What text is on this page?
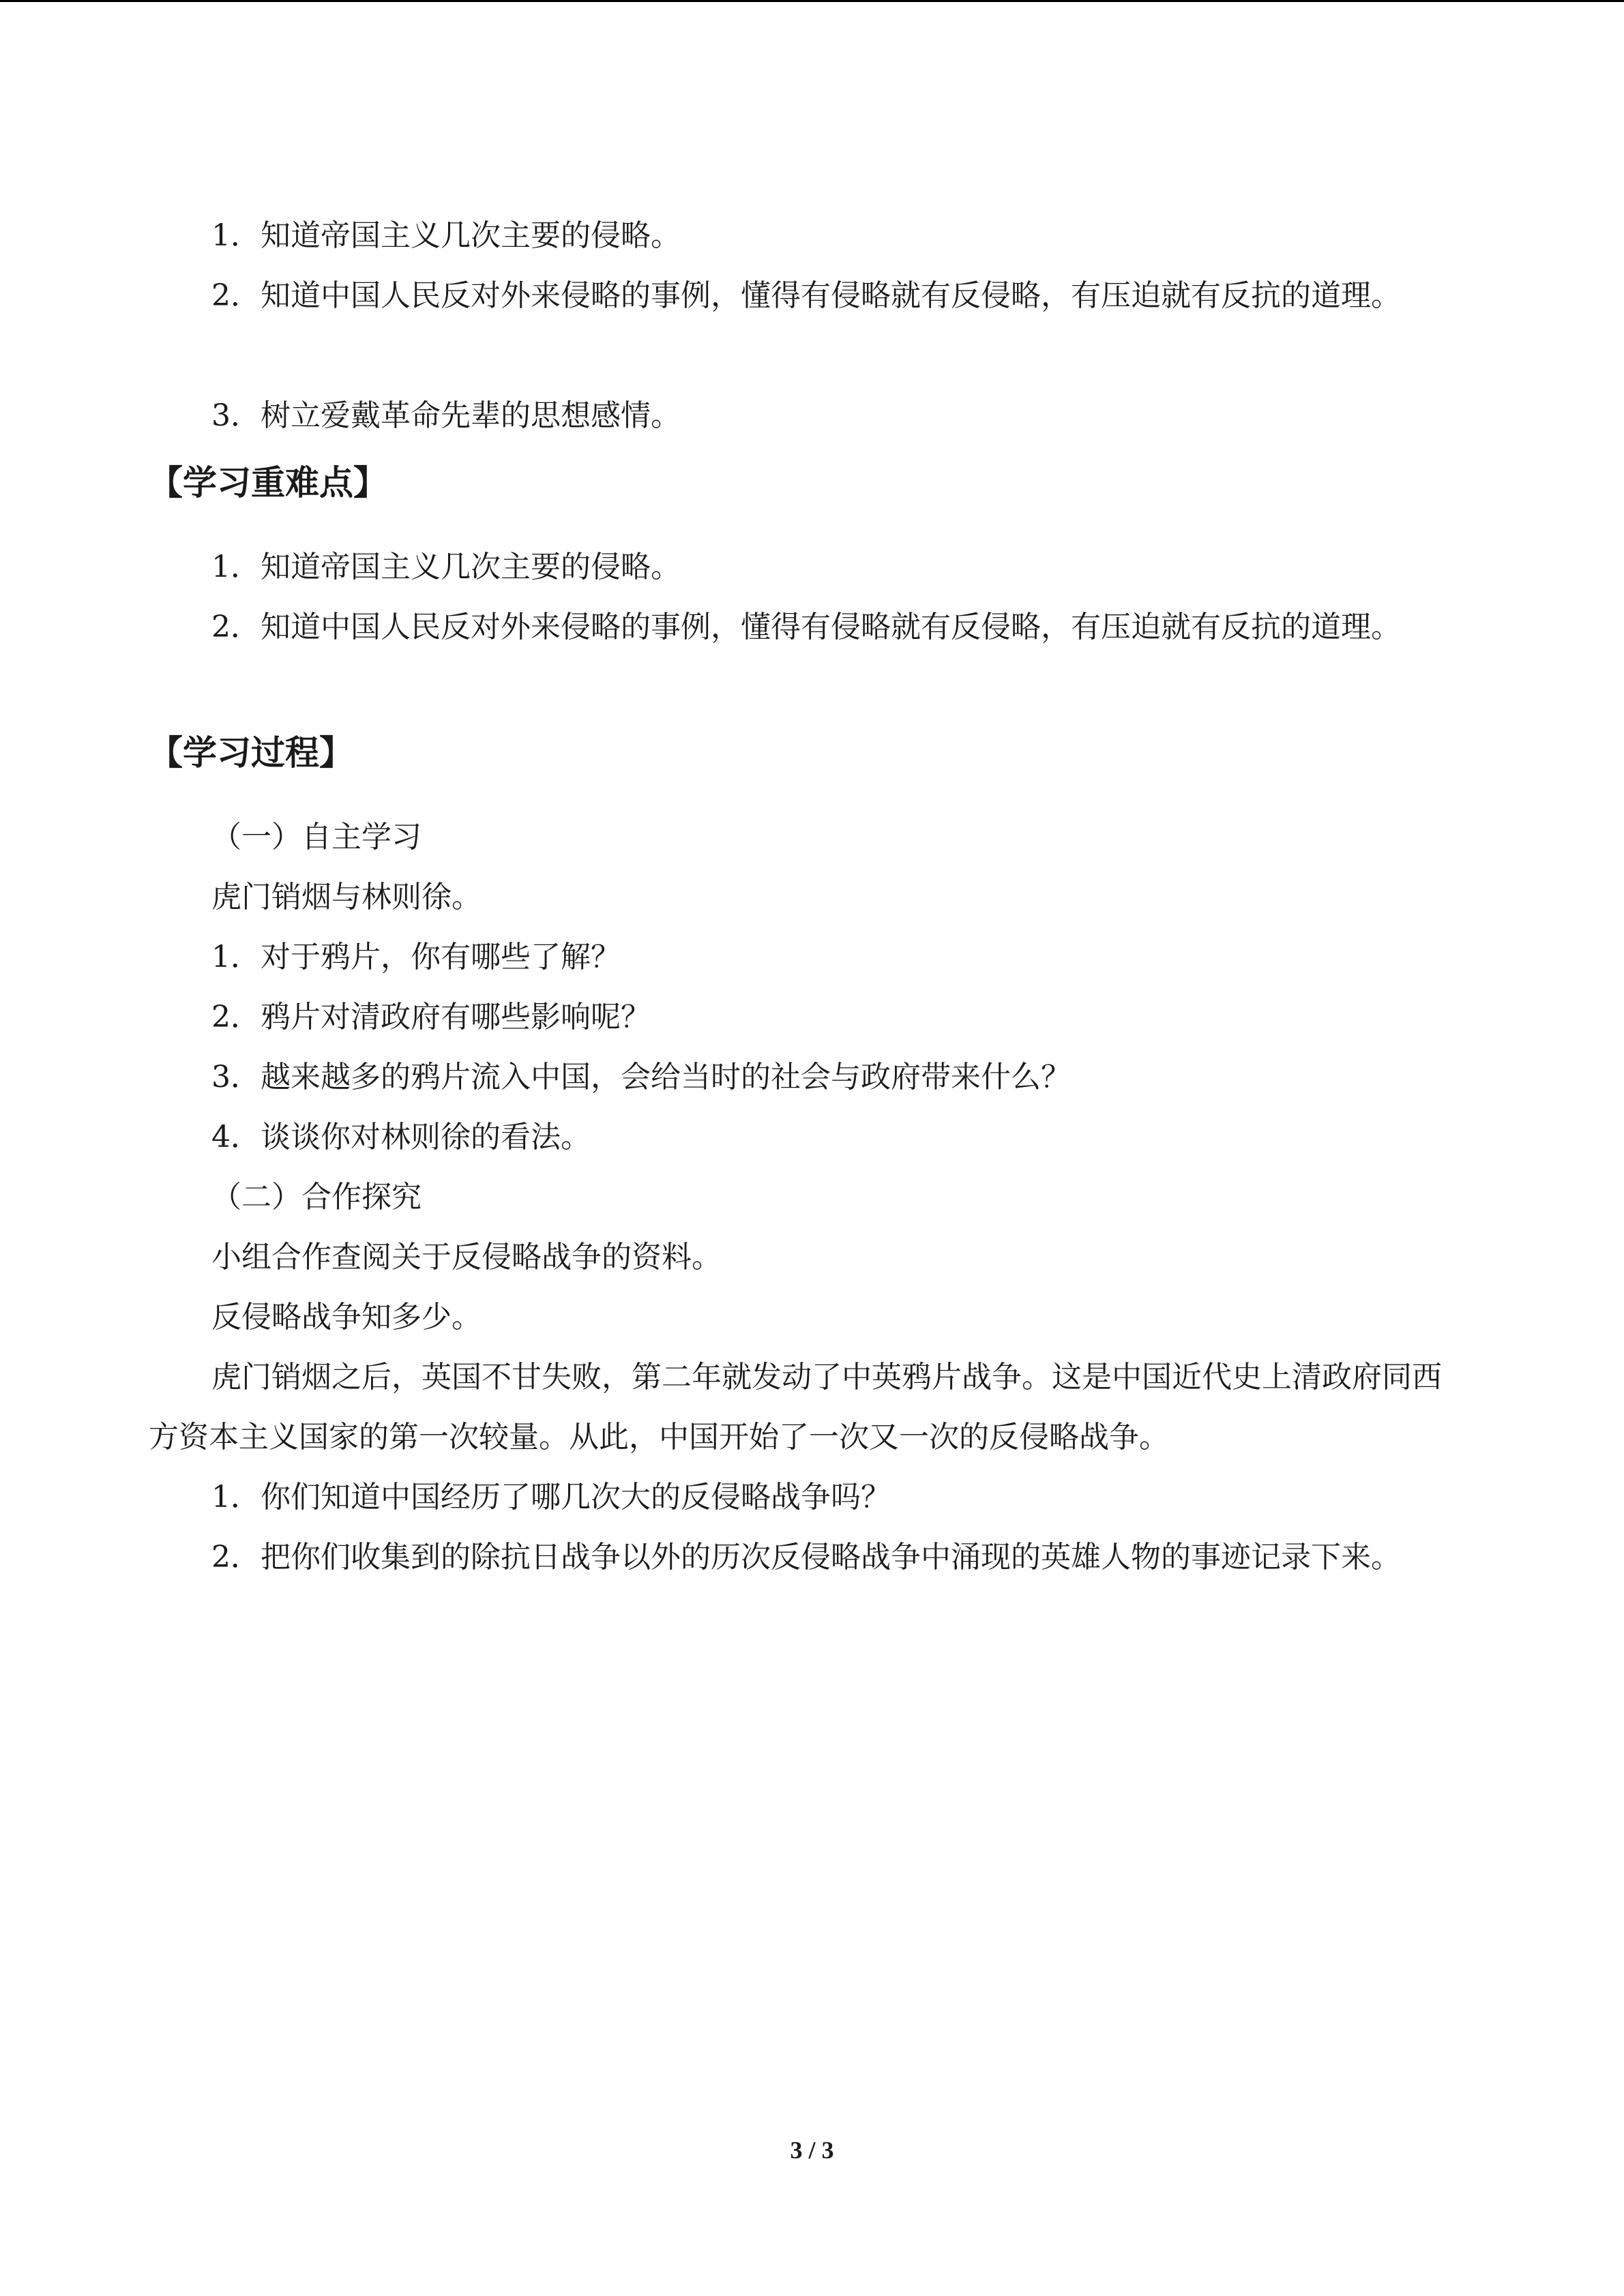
1．知道帝国主义几次主要的侵略。
2．知道中国人民反对外来侵略的事例，懂得有侵略就有反侵略，有压迫就有反抗的道理。
3．树立爱戴革命先辈的思想感情。
【学习重难点】
1．知道帝国主义几次主要的侵略。
2．知道中国人民反对外来侵略的事例，懂得有侵略就有反侵略，有压迫就有反抗的道理。
【学习过程】
（一）自主学习
虎门销烟与林则徐。
1．对于鸦片，你有哪些了解？
2．鸦片对清政府有哪些影响呢？
3．越来越多的鸦片流入中国，会给当时的社会与政府带来什么？
4．谈谈你对林则徐的看法。
（二）合作探究
小组合作查阅关于反侵略战争的资料。
反侵略战争知多少。
虎门销烟之后，英国不甘失败，第二年就发动了中英鸦片战争。这是中国近代史上清政府同西方资本主义国家的第一次较量。从此，中国开始了一次又一次的反侵略战争。
1．你们知道中国经历了哪几次大的反侵略战争吗？
2．把你们收集到的除抗日战争以外的历次反侵略战争中涌现的英雄人物的事迹记录下来。
3 / 3
